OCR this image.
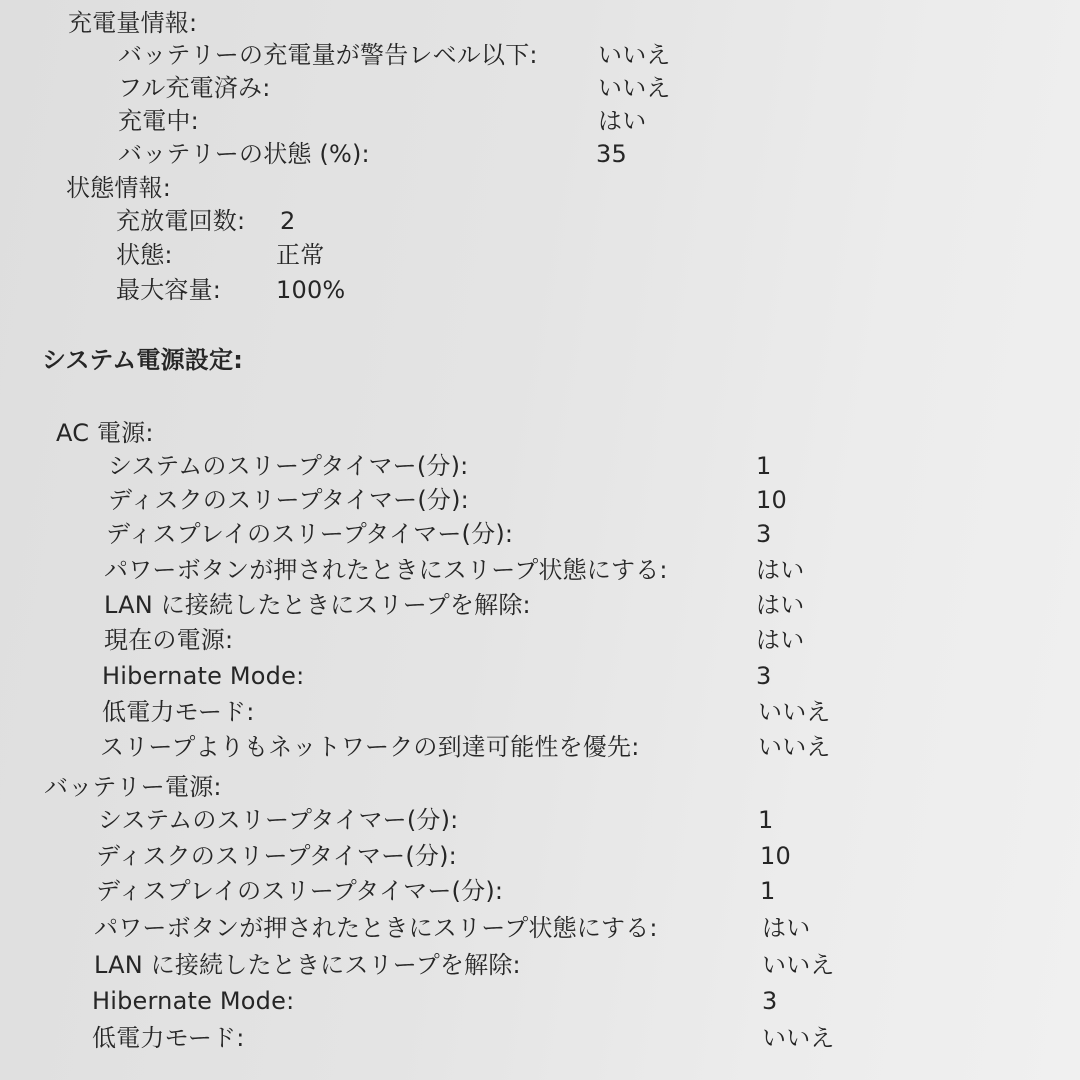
充電量情報:
バッテリーの充電量が警告レベル以下:	いいえ
フル充電済み:	いいえ
充電中:	はい
バッテリーの状態 (%):	35
状態情報:
充放電回数: 2
状態:	正常
最大容量: 100%
システム電源設定:
AC 電源:
システムのスリープタイマー(分):	1
ディスクのスリープタイマー(分):	10
ディスプレイのスリープタイマー(分):	3
パワーボタンが押されたときにスリープ状態にする:	はい
LAN に接続したときにスリープを解除:	はい
現在の電源:	はい
Hibernate Mode:	3
低電力モード:	いいえ
スリープよりもネットワークの到達可能性を優先:	いいえ
バッテリー電源:
システムのスリープタイマー(分):	1
ディスクのスリープタイマー(分):	10
ディスプレイのスリープタイマー(分):	1
パワーボタンが押されたときにスリープ状態にする:	はい
LAN に接続したときにスリープを解除:	いいえ
Hibernate Mode:	3
低電力モード:	いいえ
